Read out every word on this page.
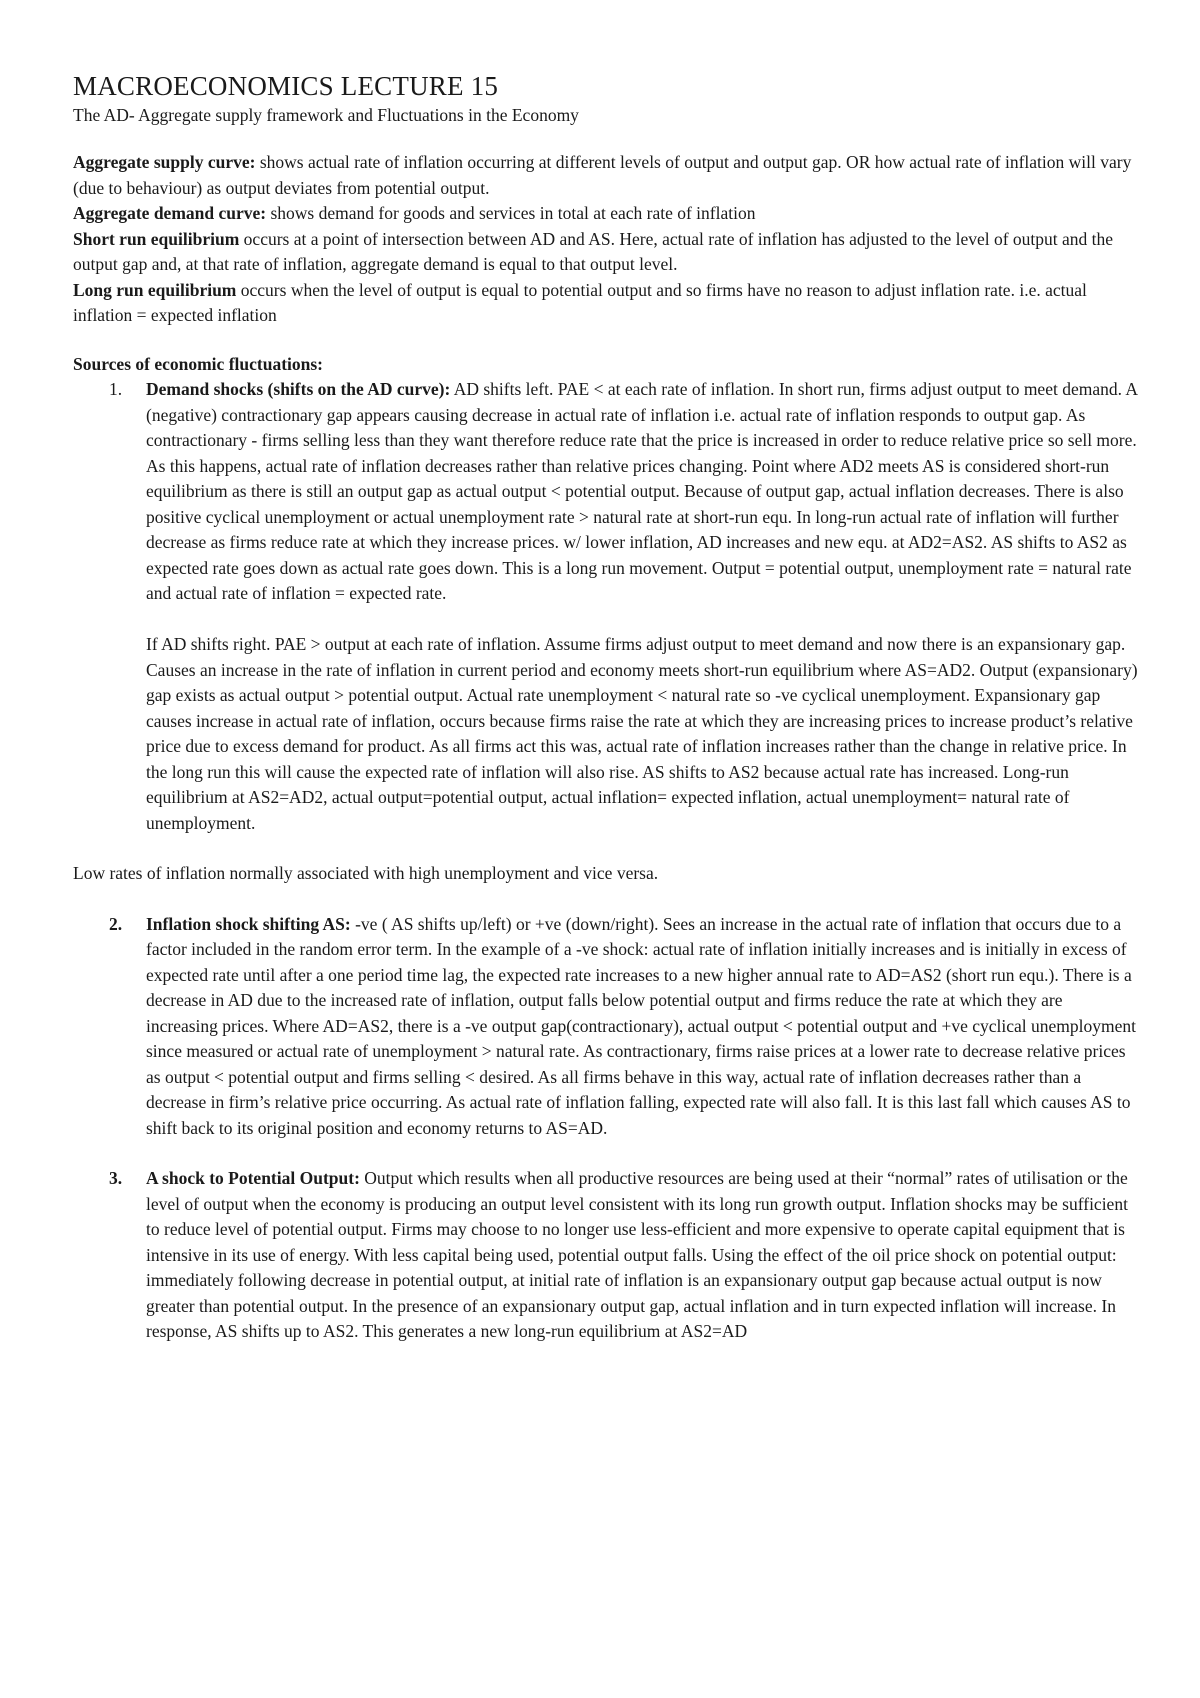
MACROECONOMICS LECTURE 15

The AD- Aggregate supply framework and Fluctuations in the Economy

Aggregate supply curve: shows actual rate of inflation occurring at different levels of output and output gap. OR how actual rate of inflation will vary (due to behaviour) as output deviates from potential output.

Aggregate demand curve: shows demand for goods and services in total at each rate of inflation

Short run equilibrium occurs at a point of intersection between AD and AS. Here, actual rate of inflation has adjusted to the level of output and the output gap and, at that rate of inflation, aggregate demand is equal to that output level.

Long run equilibrium occurs when the level of output is equal to potential output and so firms have no reason to adjust inflation rate. i.e. actual inflation = expected inflation

Sources of economic fluctuations:
1. Demand shocks (shifts on the AD curve): AD shifts left. PAE < at each rate of inflation. In short run, firms adjust output to meet demand. A (negative) contractionary gap appears causing decrease in actual rate of inflation i.e. actual rate of inflation responds to output gap. As contractionary - firms selling less than they want therefore reduce rate that the price is increased in order to reduce relative price so sell more. As this happens, actual rate of inflation decreases rather than relative prices changing. Point where AD2 meets AS is considered short-run equilibrium as there is still an output gap as actual output < potential output. Because of output gap, actual inflation decreases. There is also positive cyclical unemployment or actual unemployment rate > natural rate at short-run equ. In long-run actual rate of inflation will further decrease as firms reduce rate at which they increase prices. w/ lower inflation, AD increases and new equ. at AD2=AS2. AS shifts to AS2 as expected rate goes down as actual rate goes down. This is a long run movement. Output = potential output, unemployment rate = natural rate and actual rate of inflation = expected rate.
If AD shifts right. PAE > output at each rate of inflation. Assume firms adjust output to meet demand and now there is an expansionary gap. Causes an increase in the rate of inflation in current period and economy meets short-run equilibrium where AS=AD2. Output (expansionary) gap exists as actual output > potential output. Actual rate unemployment < natural rate so -ve cyclical unemployment. Expansionary gap causes increase in actual rate of inflation, occurs because firms raise the rate at which they are increasing prices to increase product’s relative price due to excess demand for product. As all firms act this was, actual rate of inflation increases rather than the change in relative price. In the long run this will cause the expected rate of inflation will also rise. AS shifts to AS2 because actual rate has increased. Long-run equilibrium at AS2=AD2, actual output=potential output, actual inflation= expected inflation, actual unemployment= natural rate of unemployment.

Low rates of inflation normally associated with high unemployment and vice versa.

2. Inflation shock shifting AS: -ve ( AS shifts up/left) or +ve (down/right). Sees an increase in the actual rate of inflation that occurs due to a factor included in the random error term. In the example of a -ve shock: actual rate of inflation initially increases and is initially in excess of expected rate until after a one period time lag, the expected rate increases to a new higher annual rate to AD=AS2 (short run equ.). There is a decrease in AD due to the increased rate of inflation, output falls below potential output and firms reduce the rate at which they are increasing prices. Where AD=AS2, there is a -ve output gap(contractionary), actual output < potential output and +ve cyclical unemployment since measured or actual rate of unemployment > natural rate. As contractionary, firms raise prices at a lower rate to decrease relative prices as output < potential output and firms selling < desired. As all firms behave in this way, actual rate of inflation decreases rather than a decrease in firm’s relative price occurring. As actual rate of inflation falling, expected rate will also fall. It is this last fall which causes AS to shift back to its original position and economy returns to AS=AD.
3. A shock to Potential Output: Output which results when all productive resources are being used at their “normal” rates of utilisation or the level of output when the economy is producing an output level consistent with its long run growth output. Inflation shocks may be sufficient to reduce level of potential output. Firms may choose to no longer use less-efficient and more expensive to operate capital equipment that is intensive in its use of energy. With less capital being used, potential output falls. Using the effect of the oil price shock on potential output: immediately following decrease in potential output, at initial rate of inflation is an expansionary output gap because actual output is now greater than potential output. In the presence of an expansionary output gap, actual inflation and in turn expected inflation will increase. In response, AS shifts up to AS2. This generates a new long-run equilibrium at AS2=AD
